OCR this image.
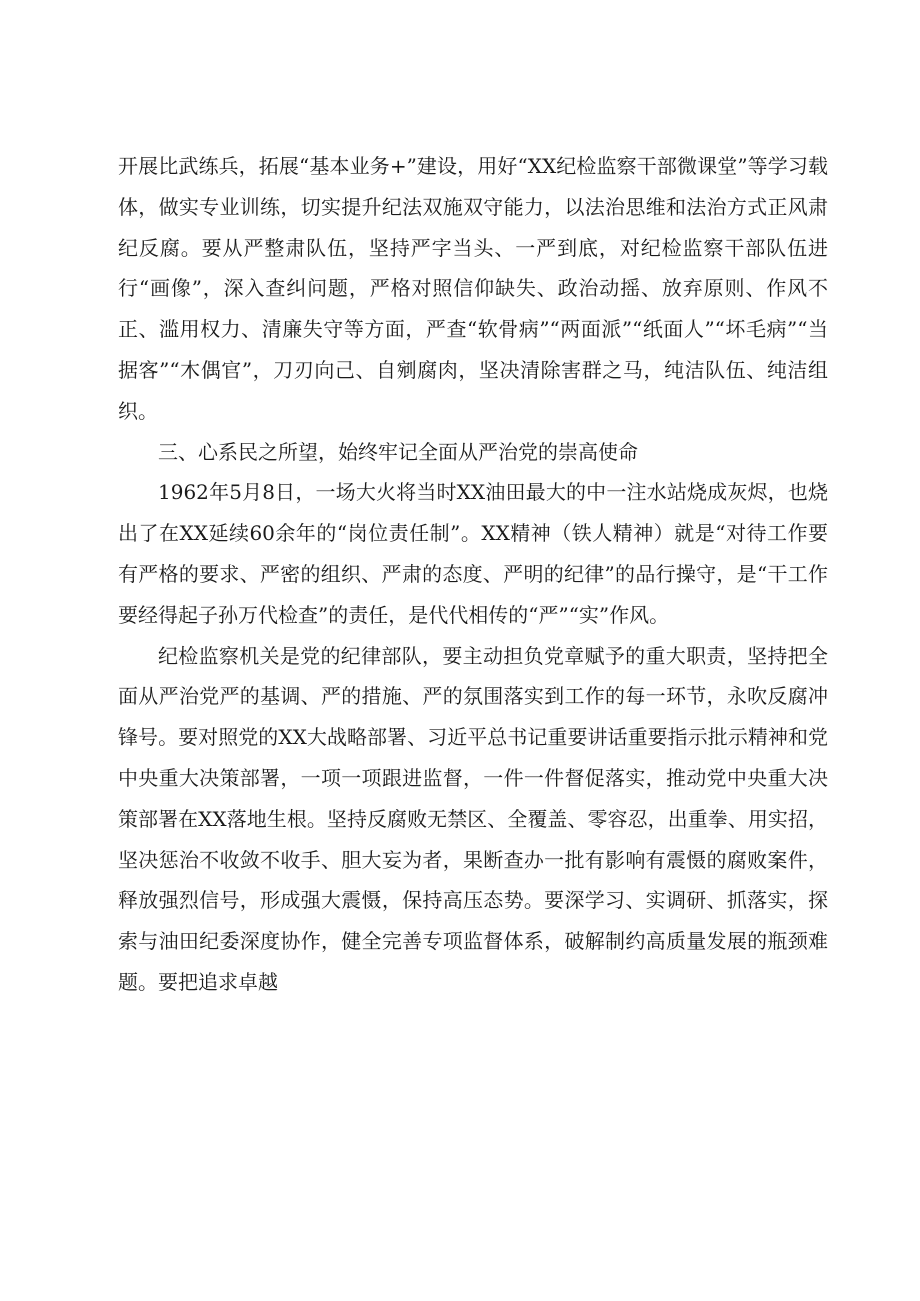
开展比武练兵，拓展“基本业务+”建设，用好“XX纪检监察干部微课堂”等学习载体，做实专业训练，切实提升纪法双施双守能力，以法治思维和法治方式正风肃纪反腐。要从严整肃队伍，坚持严字当头、一严到底，对纪检监察干部队伍进行“画像”，深入查纠问题，严格对照信仰缺失、政治动摇、放弃原则、作风不正、滥用权力、清廉失守等方面，严查“软骨病”“两面派”“纸面人”“坏毛病”“当据客”“木偶官”，刀刃向己、自剜腐肉，坚决清除害群之马，纯洁队伍、纯洁组织。

三、心系民之所望，始终牢记全面从严治党的崇高使命

1962年5月8日，一场大火将当时XX油田最大的中一注水站烧成灰烬，也烧出了在XX延续60余年的“岗位责任制”。XX精神（铁人精神）就是“对待工作要有严格的要求、严密的组织、严肃的态度、严明的纪律”的品行操守，是“干工作要经得起子孙万代检查”的责任，是代代相传的“严”“实”作风。

纪检监察机关是党的纪律部队，要主动担负党章赋予的重大职责，坚持把全面从严治党严的基调、严的措施、严的氛围落实到工作的每一环节，永吹反腐冲锋号。要对照党的XX大战略部署、习近平总书记重要讲话重要指示批示精神和党中央重大决策部署，一项一项跟进监督，一件一件督促落实，推动党中央重大决策部署在XX落地生根。坚持反腐败无禁区、全覆盖、零容忍，出重拳、用实招，坚决惩治不收敛不收手、胆大妄为者，果断查办一批有影响有震慑的腐败案件，释放强烈信号，形成强大震慑，保持高压态势。要深学习、实调研、抓落实，探索与油田纪委深度协作，健全完善专项监督体系，破解制约高质量发展的瓶颈难题。要把追求卓越
